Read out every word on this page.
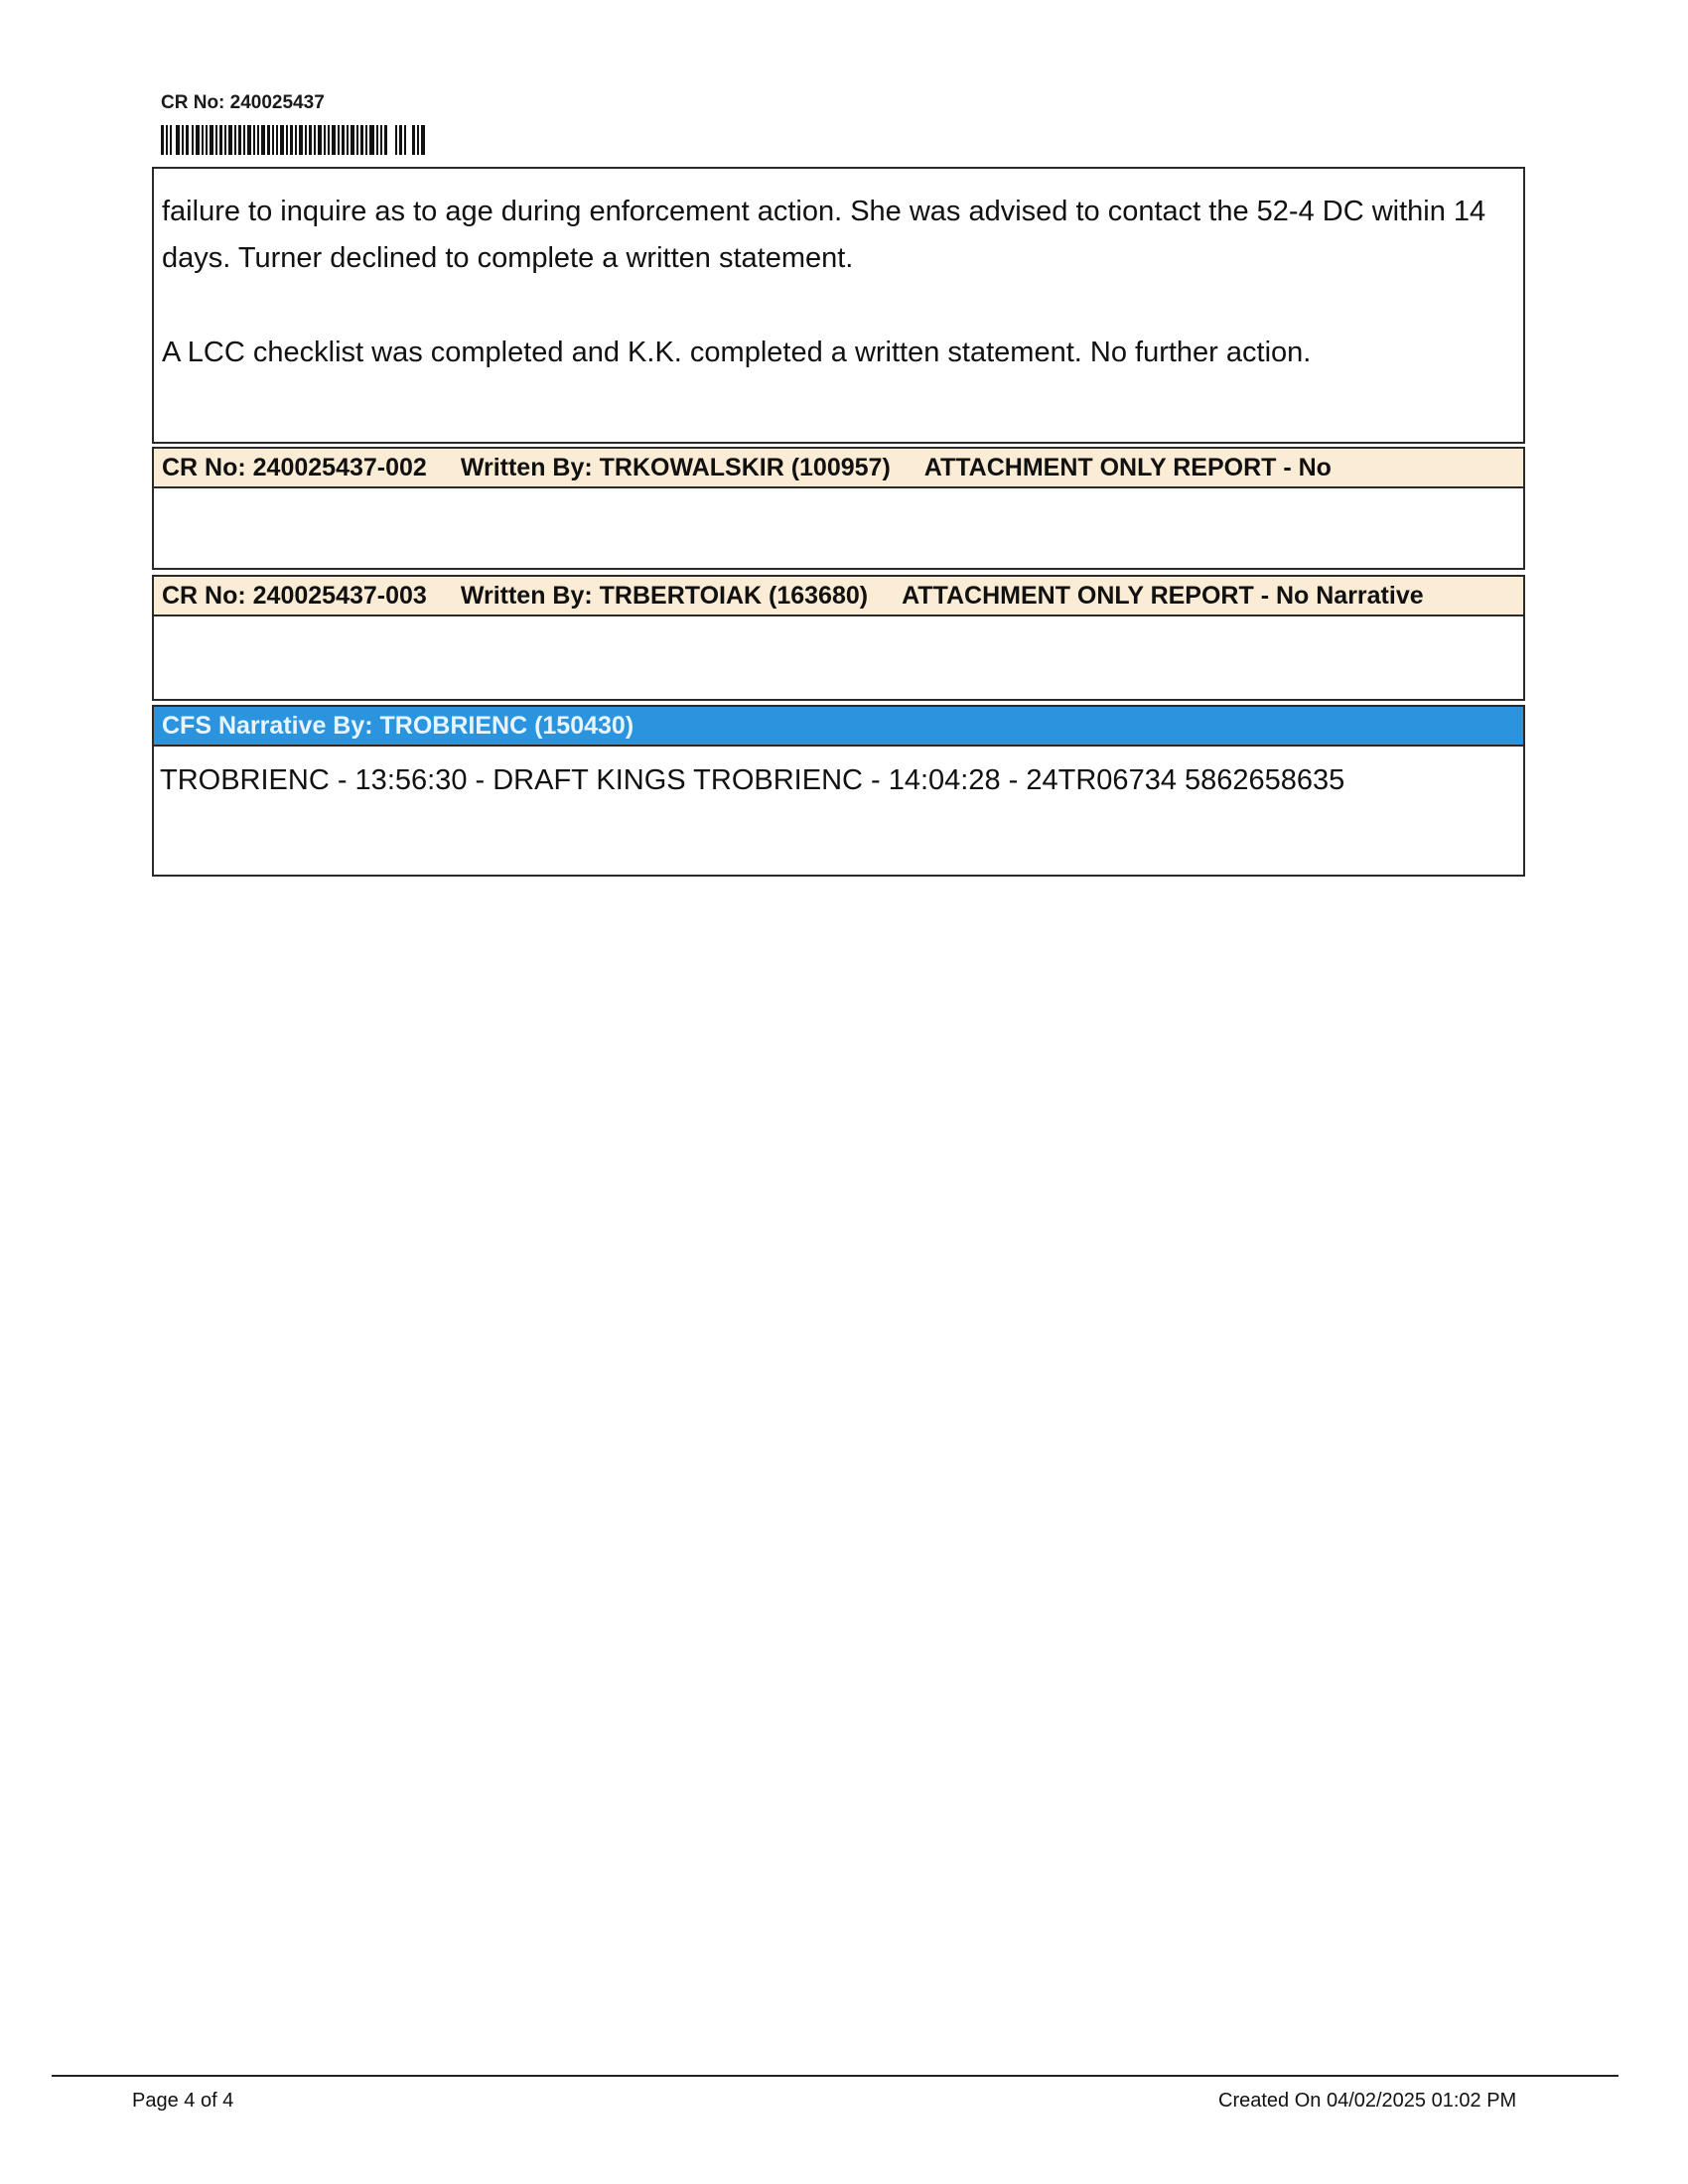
CR No: 240025437

failure to inquire as to age during enforcement action. She was advised to contact the 52-4 DC within 14 days. Turner declined to complete a written statement.

A LCC checklist was completed and K.K. completed a written statement. No further action.

CR No: 240025437-002 Written By: TRKOWALSKIR (100957) ATTACHMENT ONLY REPORT - No
CR No: 240025437-003 Written By: TRBERTOIAK (163680) ATTACHMENT ONLY REPORT - No Narrative
CFS Narrative By: TROBRIENC (150430)
TROBRIENC - 13:56:30 - DRAFT KINGS TROBRIENC - 14:04:28 - 24TR06734 5862658635
Page 4 of 4	Created On 04/02/2025 01:02 PM
